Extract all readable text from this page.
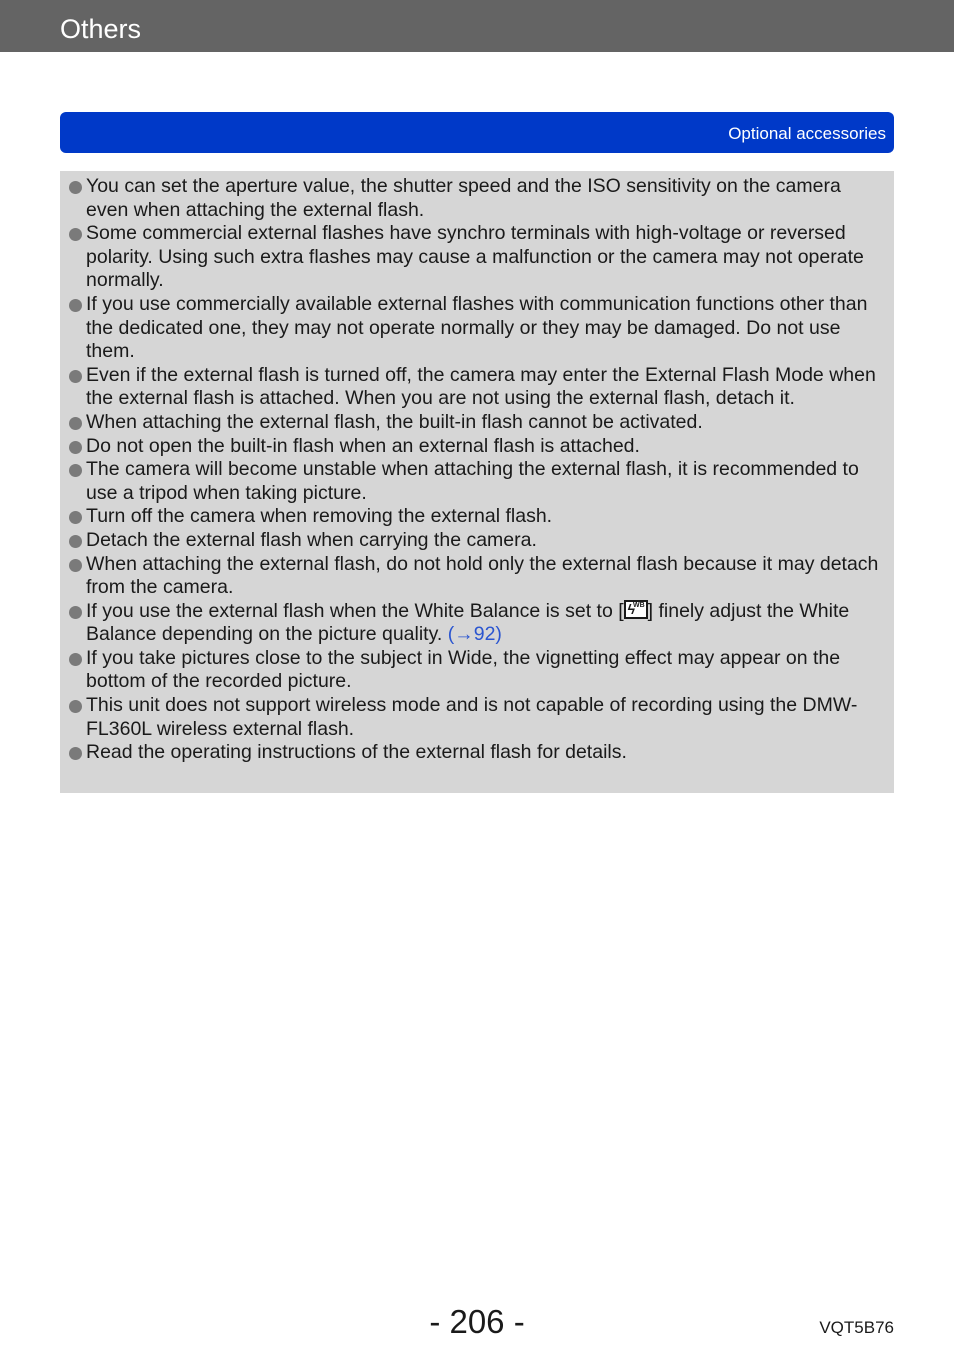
Others
Optional accessories
You can set the aperture value, the shutter speed and the ISO sensitivity on the camera even when attaching the external flash.
Some commercial external flashes have synchro terminals with high-voltage or reversed polarity. Using such extra flashes may cause a malfunction or the camera may not operate normally.
If you use commercially available external flashes with communication functions other than the dedicated one, they may not operate normally or they may be damaged. Do not use them.
Even if the external flash is turned off, the camera may enter the External Flash Mode when the external flash is attached. When you are not using the external flash, detach it.
When attaching the external flash, the built-in flash cannot be activated.
Do not open the built-in flash when an external flash is attached.
The camera will become unstable when attaching the external flash, it is recommended to use a tripod when taking picture.
Turn off the camera when removing the external flash.
Detach the external flash when carrying the camera.
When attaching the external flash, do not hold only the external flash because it may detach from the camera.
If you use the external flash when the White Balance is set to [ ϟ
WB ] finely adjust the White Balance depending on the picture quality. (→92)
If you take pictures close to the subject in Wide, the vignetting effect may appear on the bottom of the recorded picture.
This unit does not support wireless mode and is not capable of recording using the DMW-FL360L wireless external flash.
Read the operating instructions of the external flash for details.
- 206 -	VQT5B76
